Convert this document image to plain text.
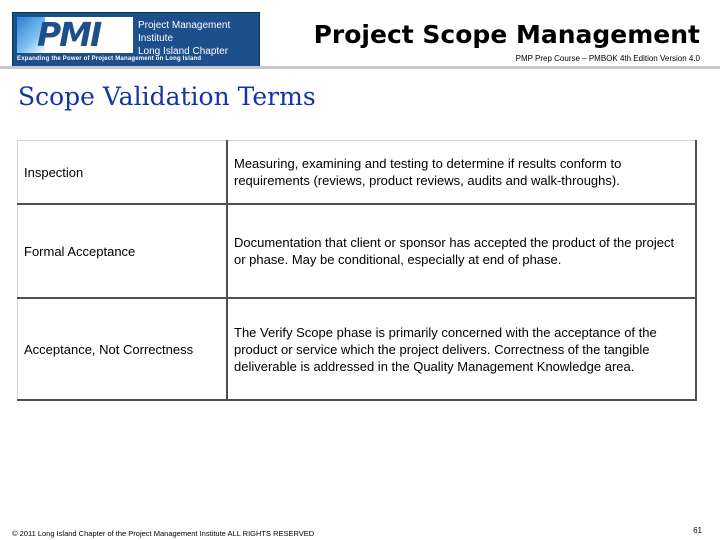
PMI	Project Management Institute
Long Island Chapter
Expanding the Power of Project Management on Long Island
Project Scope Management
PMP Prep Course – PMBOK 4th Edition Version 4.0
Scope Validation Terms
Inspection	Measuring, examining and testing to determine if results conform to requirements (reviews, product reviews, audits and walk-throughs).
Formal Acceptance	Documentation that client or sponsor has accepted the product of the project or phase. May be conditional, especially at end of phase.
Acceptance, Not Correctness	The Verify Scope phase is primarily concerned with the acceptance of the product or service which the project delivers. Correctness of the tangible deliverable is addressed in the Quality Management Knowledge area.
© 2011 Long Island Chapter of the Project Management Institute ALL RIGHTS RESERVED	61
